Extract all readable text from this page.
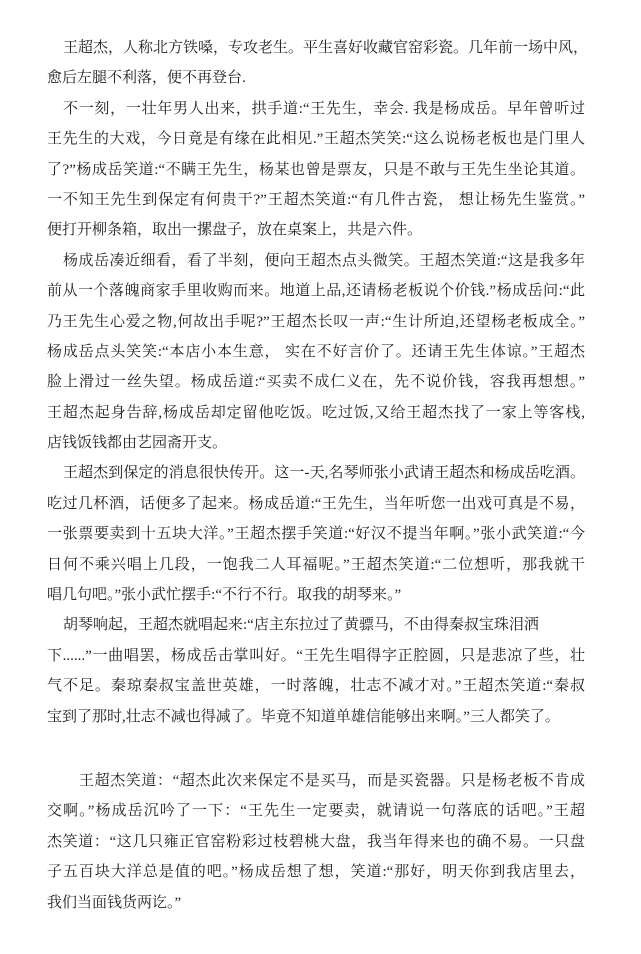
王超杰，人称北方铁嗓，专攻老生。平生喜好收藏官窑彩瓷。几年前一场中风，
愈后左腿不利落，便不再登台.
不一刻，一壮年男人出来，拱手道:“王先生，幸会. 我是杨成岳。早年曾听过
王先生的大戏，今日竟是有缘在此相见.”王超杰笑笑:“这么说杨老板也是门里人
了?”杨成岳笑道:“不瞒王先生，杨某也曾是票友，只是不敢与王先生坐论其道。
一不知王先生到保定有何贵干?”王超杰笑道:“有几件古瓷， 想让杨先生鉴赏。”
便打开柳条箱，取出一摞盘子，放在桌案上，共是六件。
杨成岳凑近细看，看了半刻，便向王超杰点头微笑。王超杰笑道:“这是我多年
前从一个落魄商家手里收购而来。地道上品,还请杨老板说个价钱.”杨成岳问:“此
乃王先生心爱之物,何故出手呢?”王超杰长叹一声:“生计所迫,还望杨老板成全。”
杨成岳点头笑笑:“本店小本生意， 实在不好言价了。还请王先生体谅。”王超杰
脸上滑过一丝失望。杨成岳道:“买卖不成仁义在，先不说价钱，容我再想想。”
王超杰起身告辞,杨成岳却定留他吃饭。吃过饭,又给王超杰找了一家上等客栈,
店钱饭钱都由艺园斋开支。
王超杰到保定的消息很快传开。这一-天,名琴师张小武请王超杰和杨成岳吃酒。
吃过几杯酒，话便多了起来。杨成岳道:“王先生，当年听您一出戏可真是不易，
一张票要卖到十五块大洋。”王超杰摆手笑道:“好汉不提当年啊。”张小武笑道:“今
日何不乘兴唱上几段，一饱我二人耳福呢。”王超杰笑道:“二位想听，那我就干
唱几句吧。”张小武忙摆手:“不行不行。取我的胡琴来。”
胡琴响起，王超杰就唱起来:“店主东拉过了黄骠马，不由得秦叔宝珠泪洒
下......”一曲唱罢，杨成岳击掌叫好。“王先生唱得字正腔圆，只是悲凉了些，壮
气不足。秦琼秦叔宝盖世英雄，一时落魄，壮志不减才对。”王超杰笑道:“秦叔
宝到了那时,壮志不减也得减了。毕竟不知道单雄信能够出来啊。”三人都笑了。
王超杰笑道：“超杰此次来保定不是买马，而是买瓷器。只是杨老板不肯成
交啊。”杨成岳沉吟了一下：“王先生一定要卖，就请说一句落底的话吧。”王超
杰笑道：“这几只雍正官窑粉彩过枝碧桃大盘，我当年得来也的确不易。一只盘
子五百块大洋总是值的吧。”杨成岳想了想，笑道:“那好，明天你到我店里去，
我们当面钱货两讫。”
